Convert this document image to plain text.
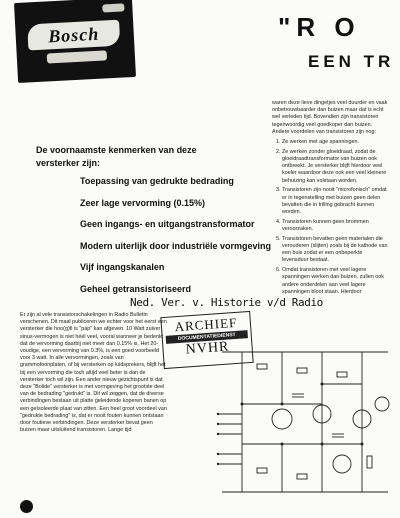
Bosch	"R O
EEN TR

waren deze lieve dingetjes veel duurder en vaak onbetrouwbaarder dan buizen maar dat is echt wel verleden tijd. Bovendien zijn transistoren tegenwoordig veel goedkoper dan buizen. Andere voordelen van transistoren zijn nog:

1. Ze werken met age spanningen.
2. Ze werken zonder gloeidraad, zodat de gloeidraadtransformator van buizen ook ontbreekt. Je versterker blijft hierdoor veel koeler waardoor deze ook een veel kleinere behuizing kan volstaan worden.
3. Transistoren zijn nooit "microfonisch" omdat er in tegenstelling met buizen geen delen bevatten die in trilling gebracht kunnen worden.
4. Transistoren kunnen geen brommen veroorzaken.
5. Transistoren bevatten geen materialen die verouderen (slijten) zoals bij de kathode van een buis zodat er een onbeperkte levensduur bestaat.
6. Omdat transistoren met veel lagere spanningen werken dan buizen, zullen ook andere onderdelen aan veel lagere spanningen bloot staan. Hierdoor
De voornaamste kenmerken van deze
versterker zijn:
Toepassing van gedrukte bedrading
Zeer lage vervorming (0.15%)
Geen ingangs- en uitgangstransformator
Modern uiterlijk door industriële vormgeving
Vijf ingangskanalen
Geheel getransistoriseerd
Ned. Ver. v. Historie v/d Radio
ARCHIEF
DOCUMENTATIEDIENST
NVHR

Er zijn al vele transistorschakelingen in Radio Bulletin verschenen. Dit maal publiceren we echter voor het eerst een versterker die hoo(g)fi is "pap" kan afgeven. 10 Watt zuiver sinus-vermogen is niet héél veel, vooral wanneer je bedenkt dat de vervorming daarbij niet meer dan 0.15% is. Het 20-voudige, een vervorming van 0.3%, is een goed voorbeeld voor 3 watt. In alle vervormingen, zoals van grammofoonplaten, of bij versterken op luidsprekers, blijft het bij een vervorming die toch altijd veel beter is dan de versterker toch wil zijn. Een ander nieuw gezichtspunt is dat deze "Bolide" versterker is met vormgeving het grootste deel van de bedrading "gedrukt" is. Dit wil zeggen, dat de diverse verbindingen bestaan uit platte geleidende koperen banen op een geïsoleerde plaat van zitten. Een heel groot voordeel van "gedrukte bedrading" is, dat er nooit fouten kunnen ontstaan door foutieve verbindingen. Deze versterker bevat geen buizen maar uitsluitend transistoren. Lange tijd
